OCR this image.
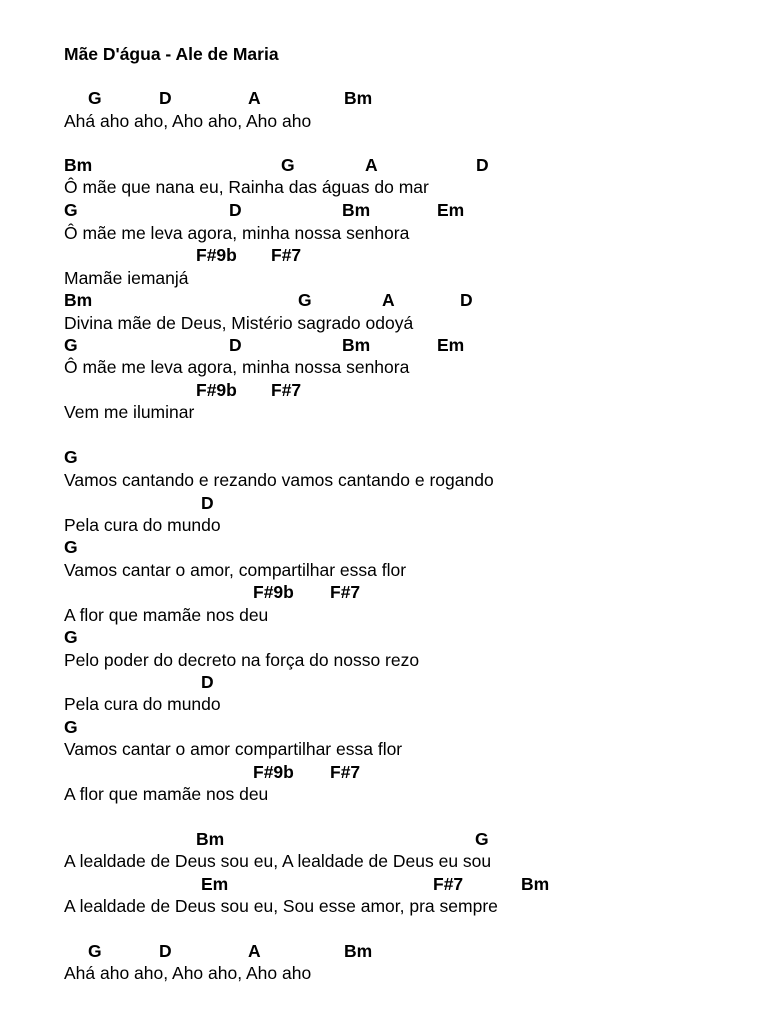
Mãe D'água - Ale de Maria
G	D	A	Bm
Ahá aho aho, Aho aho, Aho aho
Bm	G	A	D
Ô mãe que nana eu, Rainha das águas do mar
G	D	Bm	Em
Ô mãe me leva agora, minha nossa senhora
F#9b F#7
Mamãe iemanjá
Bm	G	A	D
Divina mãe de Deus, Mistério sagrado odoyá
G	D	Bm	Em
Ô mãe me leva agora, minha nossa senhora
F#9b F#7
Vem me iluminar
G
Vamos cantando e rezando vamos cantando e rogando
D
Pela cura do mundo
G
Vamos cantar o amor, compartilhar essa flor
F#9b F#7
A flor que mamãe nos deu
G
Pelo poder do decreto na força do nosso rezo
D
Pela cura do mundo
G
Vamos cantar o amor compartilhar essa flor
F#9b F#7
A flor que mamãe nos deu
Bm	G
A lealdade de Deus sou eu, A lealdade de Deus eu sou
Em	F#7	Bm
A lealdade de Deus sou eu, Sou esse amor, pra sempre
G	D	A	Bm
Ahá aho aho, Aho aho, Aho aho
